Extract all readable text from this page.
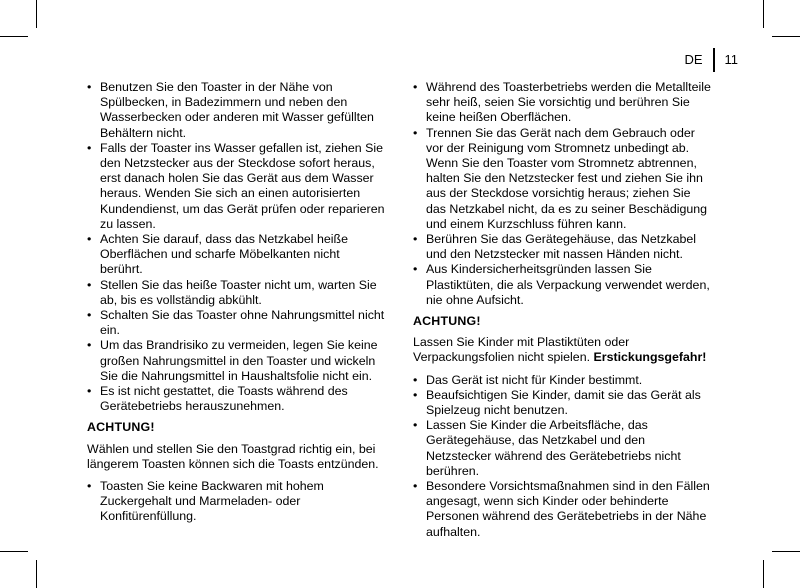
DE 11
• Benutzen Sie den Toaster in der Nähe von Spülbecken, in Badezimmern und neben den Wasserbecken oder anderen mit Wasser gefüllten Behältern nicht.
• Falls der Toaster ins Wasser gefallen ist, ziehen Sie den Netzstecker aus der Steckdose sofort heraus, erst danach holen Sie das Gerät aus dem Wasser heraus. Wenden Sie sich an einen autorisierten Kundendienst, um das Gerät prüfen oder reparieren zu lassen.
• Achten Sie darauf, dass das Netzkabel heiße Oberflächen und scharfe Möbelkanten nicht berührt.
• Stellen Sie das heiße Toaster nicht um, warten Sie ab, bis es vollständig abkühlt.
• Schalten Sie das Toaster ohne Nahrungsmittel nicht ein.
• Um das Brandrisiko zu vermeiden, legen Sie keine großen Nahrungsmittel in den Toaster und wickeln Sie die Nahrungsmittel in Haushaltsfolie nicht ein.
• Es ist nicht gestattet, die Toasts während des Gerätebetriebs herauszunehmen.
ACHTUNG!

Wählen und stellen Sie den Toastgrad richtig ein, bei längerem Toasten können sich die Toasts entzünden.

• Toasten Sie keine Backwaren mit hohem Zuckergehalt und Marmeladen- oder Konfitürenfüllung.
• Während des Toasterbetriebs werden die Metallteile sehr heiß, seien Sie vorsichtig und berühren Sie keine heißen Oberflächen.
• Trennen Sie das Gerät nach dem Gebrauch oder vor der Reinigung vom Stromnetz unbedingt ab. Wenn Sie den Toaster vom Stromnetz abtrennen, halten Sie den Netzstecker fest und ziehen Sie ihn aus der Steckdose vorsichtig heraus; ziehen Sie das Netzkabel nicht, da es zu seiner Beschädigung und einem Kurzschluss führen kann.
• Berühren Sie das Gerätegehäuse, das Netzkabel und den Netzstecker mit nassen Händen nicht.
• Aus Kindersicherheitsgründen lassen Sie Plastiktüten, die als Verpackung verwendet werden, nie ohne Aufsicht.
ACHTUNG!

Lassen Sie Kinder mit Plastiktüten oder Verpackungsfolien nicht spielen. Erstickungsgefahr!

• Das Gerät ist nicht für Kinder bestimmt.
• Beaufsichtigen Sie Kinder, damit sie das Gerät als Spielzeug nicht benutzen.
• Lassen Sie Kinder die Arbeitsfläche, das Gerätegehäuse, das Netzkabel und den Netzstecker während des Gerätebetriebs nicht berühren.
• Besondere Vorsichtsmaßnahmen sind in den Fällen angesagt, wenn sich Kinder oder behinderte Personen während des Gerätebetriebs in der Nähe aufhalten.
